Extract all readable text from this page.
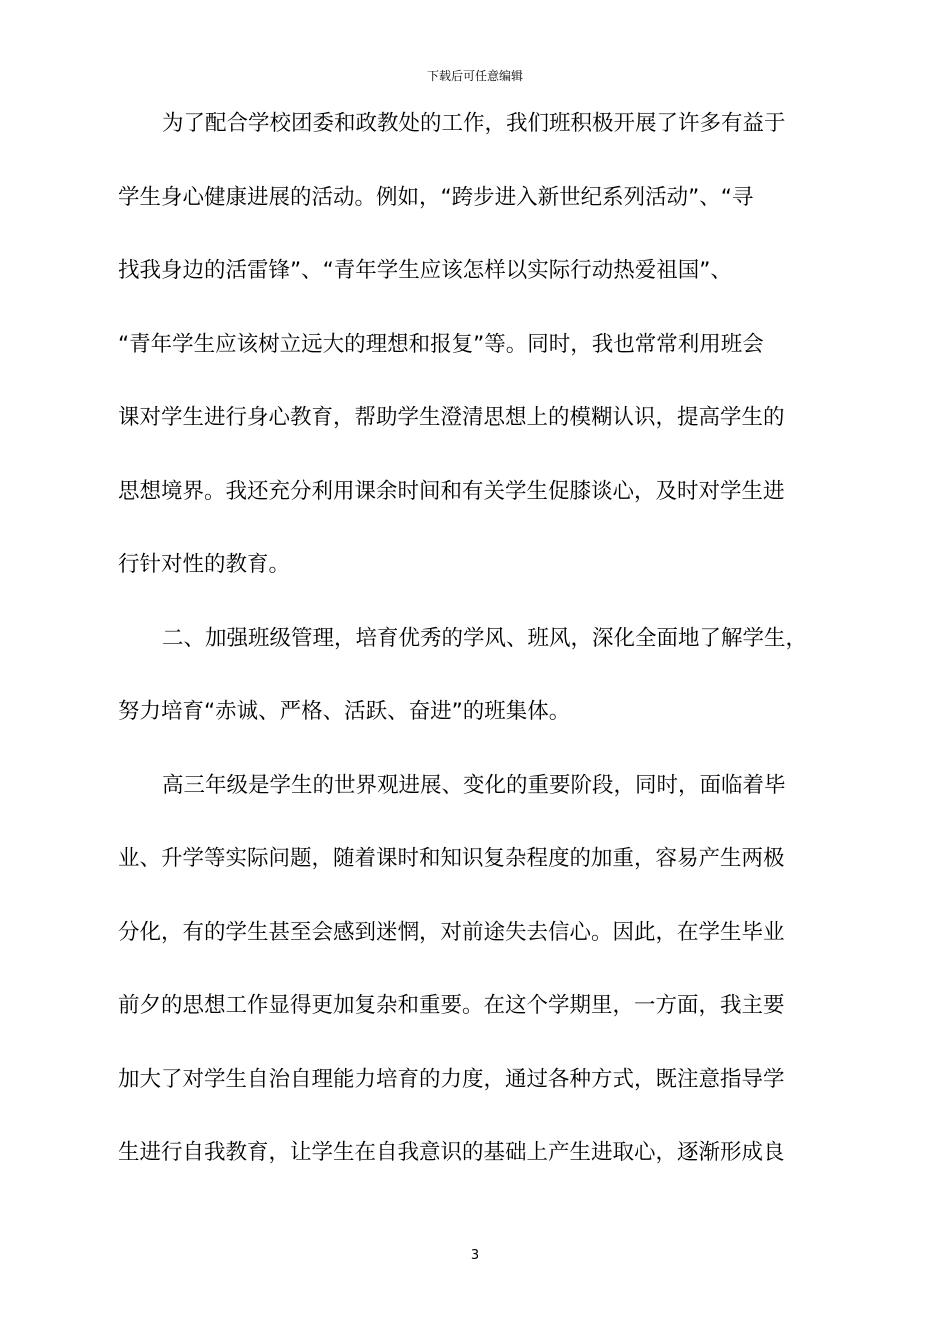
下载后可任意编辑
为了配合学校团委和政教处的工作，我们班积极开展了许多有益于
学生身心健康进展的活动。例如，“跨步进入新世纪系列活动”、“寻
找我身边的活雷锋”、“青年学生应该怎样以实际行动热爱祖国”、
“青年学生应该树立远大的理想和报复”等。同时，我也常常利用班会
课对学生进行身心教育，帮助学生澄清思想上的模糊认识，提高学生的
思想境界。我还充分利用课余时间和有关学生促膝谈心，及时对学生进
行针对性的教育。
二、加强班级管理，培育优秀的学风、班风，深化全面地了解学生，
努力培育“赤诚、严格、活跃、奋进”的班集体。
高三年级是学生的世界观进展、变化的重要阶段，同时，面临着毕
业、升学等实际问题，随着课时和知识复杂程度的加重，容易产生两极
分化，有的学生甚至会感到迷惘，对前途失去信心。因此，在学生毕业
前夕的思想工作显得更加复杂和重要。在这个学期里，一方面，我主要
加大了对学生自治自理能力培育的力度，通过各种方式，既注意指导学
生进行自我教育，让学生在自我意识的基础上产生进取心，逐渐形成良
3
